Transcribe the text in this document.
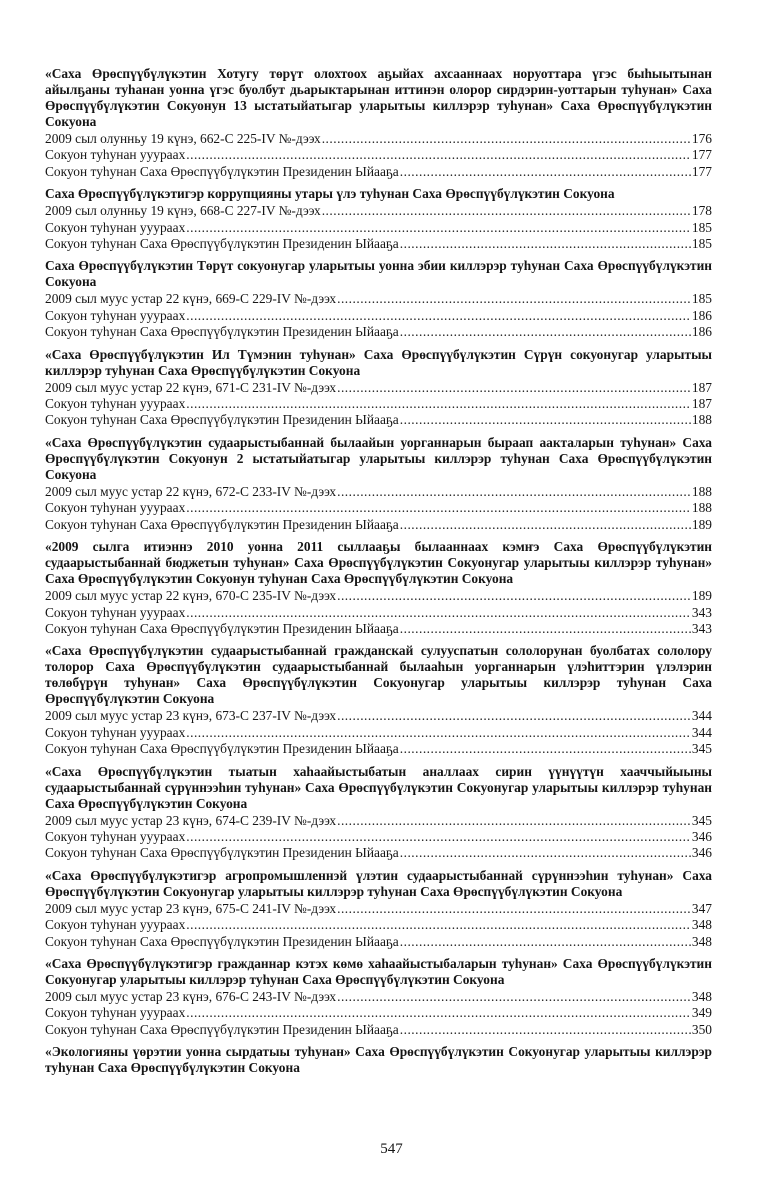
«Саха Өрөспүүбүлүкэтин Хотугу төрүт олохтоох аҕыйах ахсааннаах норуоттара үгэс быһыытынан айылҕаны туһанан уонна үгэс буолбут дьарыктарынан иттинэн олорор сирдэрин-уоттарын туһунан» Саха Өрөспүүбүлүкэтин Сокуонун 13 ыстатыйатыгар уларытыы киллэрэр туһунан» Саха Өрөспүүбүлүкэтин Сокуона
2009 сыл олунньу 19 күнэ, 662-С 225-IV №-дээх .....	176
Сокуон туһунан ууураах .....	177
Сокуон туһунан Саха Өрөспүүбүлүкэтин Президенин Ыйааҕа .....	177
Саха Өрөспүүбүлүкэтигэр коррупцияны утары үлэ туһунан Саха Өрөспүүбүлүкэтин Сокуона
2009 сыл олунньу 19 күнэ, 668-С 227-IV №-дээх .....	178
Сокуон туһунан ууураах .....	185
Сокуон туһунан Саха Өрөспүүбүлүкэтин Президенин Ыйааҕа .....	185
Саха Өрөспүүбүлүкэтин Төрүт сокуонугар уларытыы уонна эбии киллэрэр туһунан Саха Өрөспүүбүлүкэтин Сокуона
2009 сыл муус устар 22 күнэ, 669-С 229-IV №-дээх .....	185
Сокуон туһунан ууураах .....	186
Сокуон туһунан Саха Өрөспүүбүлүкэтин Президенин Ыйааҕа .....	186
«Саха Өрөспүүбүлүкэтин Ил Түмэнин туһунан» Саха Өрөспүүбүлүкэтин Сүрүн сокуонугар уларытыы киллэрэр туһунан Саха Өрөспүүбүлүкэтин Сокуона
2009 сыл муус устар 22 күнэ, 671-С 231-IV №-дээх .....	187
Сокуон туһунан ууураах .....	187
Сокуон туһунан Саха Өрөспүүбүлүкэтин Президенин Ыйааҕа .....	188
«Саха Өрөспүүбүлүкэтин судаарыстыбаннай былаайын уорганнарын быраап аакталарын туһунан» Саха Өрөспүүбүлүкэтин Сокуонун 2 ыстатыйатыгар уларытыы киллэрэр туһунан Саха Өрөспүүбүлүкэтин Сокуона
2009 сыл муус устар 22 күнэ, 672-С 233-IV №-дээх .....	188
Сокуон туһунан ууураах .....	188
Сокуон туһунан Саха Өрөспүүбүлүкэтин Президенин Ыйааҕа .....	189
«2009 сылга итиэннэ 2010 уонна 2011 сыллааҕы былааннаах кэмҥэ Саха Өрөспүүбүлүкэтин судаарыстыбаннай бюджетын туһунан» Саха Өрөспүүбүлүкэтин Сокуонугар уларытыы киллэрэр туһунан» Саха Өрөспүүбүлүкэтин Сокуонун туһунан Саха Өрөспүүбүлүкэтин Сокуона
2009 сыл муус устар 22 күнэ, 670-С 235-IV №-дээх .....	189
Сокуон туһунан ууураах .....	343
Сокуон туһунан Саха Өрөспүүбүлүкэтин Президенин Ыйааҕа .....	343
«Саха Өрөспүүбүлүкэтин судаарыстыбаннай гражданскай сулууспатын сололорунан буолбатах сололору толорор Саха Өрөспүүбүлүкэтин судаарыстыбаннай былааһын уорганнарын үлэһиттэрин үлэлэрин төлөбүрүн туһунан» Саха Өрөспүүбүлүкэтин Сокуонугар уларытыы киллэрэр туһунан Саха Өрөспүүбүлүкэтин Сокуона
2009 сыл муус устар 23 күнэ, 673-С 237-IV №-дээх .....	344
Сокуон туһунан ууураах .....	344
Сокуон туһунан Саха Өрөспүүбүлүкэтин Президенин Ыйааҕа .....	345
«Саха Өрөспүүбүлүкэтин тыатын хаһаайыстыбатын аналлаах сирин үүнүүтүн хааччыйыыны судаарыстыбаннай сүрүннээһин туһунан» Саха Өрөспүүбүлүкэтин Сокуонугар уларытыы киллэрэр туһунан Саха Өрөспүүбүлүкэтин Сокуона
2009 сыл муус устар 23 күнэ, 674-С 239-IV №-дээх .....	345
Сокуон туһунан ууураах .....	346
Сокуон туһунан Саха Өрөспүүбүлүкэтин Президенин Ыйааҕа .....	346
«Саха Өрөспүүбүлүкэтигэр агропромышленнэй үлэтин судаарыстыбаннай сүрүннээһин туһунан» Саха Өрөспүүбүлүкэтин Сокуонугар уларытыы киллэрэр туһунан Саха Өрөспүүбүлүкэтин Сокуона
2009 сыл муус устар 23 күнэ, 675-С 241-IV №-дээх .....	347
Сокуон туһунан ууураах .....	348
Сокуон туһунан Саха Өрөспүүбүлүкэтин Президенин Ыйааҕа .....	348
«Саха Өрөспүүбүлүкэтигэр гражданнар кэтэх көмө хаһаайыстыбаларын туһунан» Саха Өрөспүүбүлүкэтин Сокуонугар уларытыы киллэрэр туһунан Саха Өрөспүүбүлүкэтин Сокуона
2009 сыл муус устар 23 күнэ, 676-С 243-IV №-дээх .....	348
Сокуон туһунан ууураах .....	349
Сокуон туһунан Саха Өрөспүүбүлүкэтин Президенин Ыйааҕа .....	350
«Экологияны үөрэтии уонна сырдатыы туһунан» Саха Өрөспүүбүлүкэтин Сокуонугар уларытыы киллэрэр туһунан Саха Өрөспүүбүлүкэтин Сокуона
547
